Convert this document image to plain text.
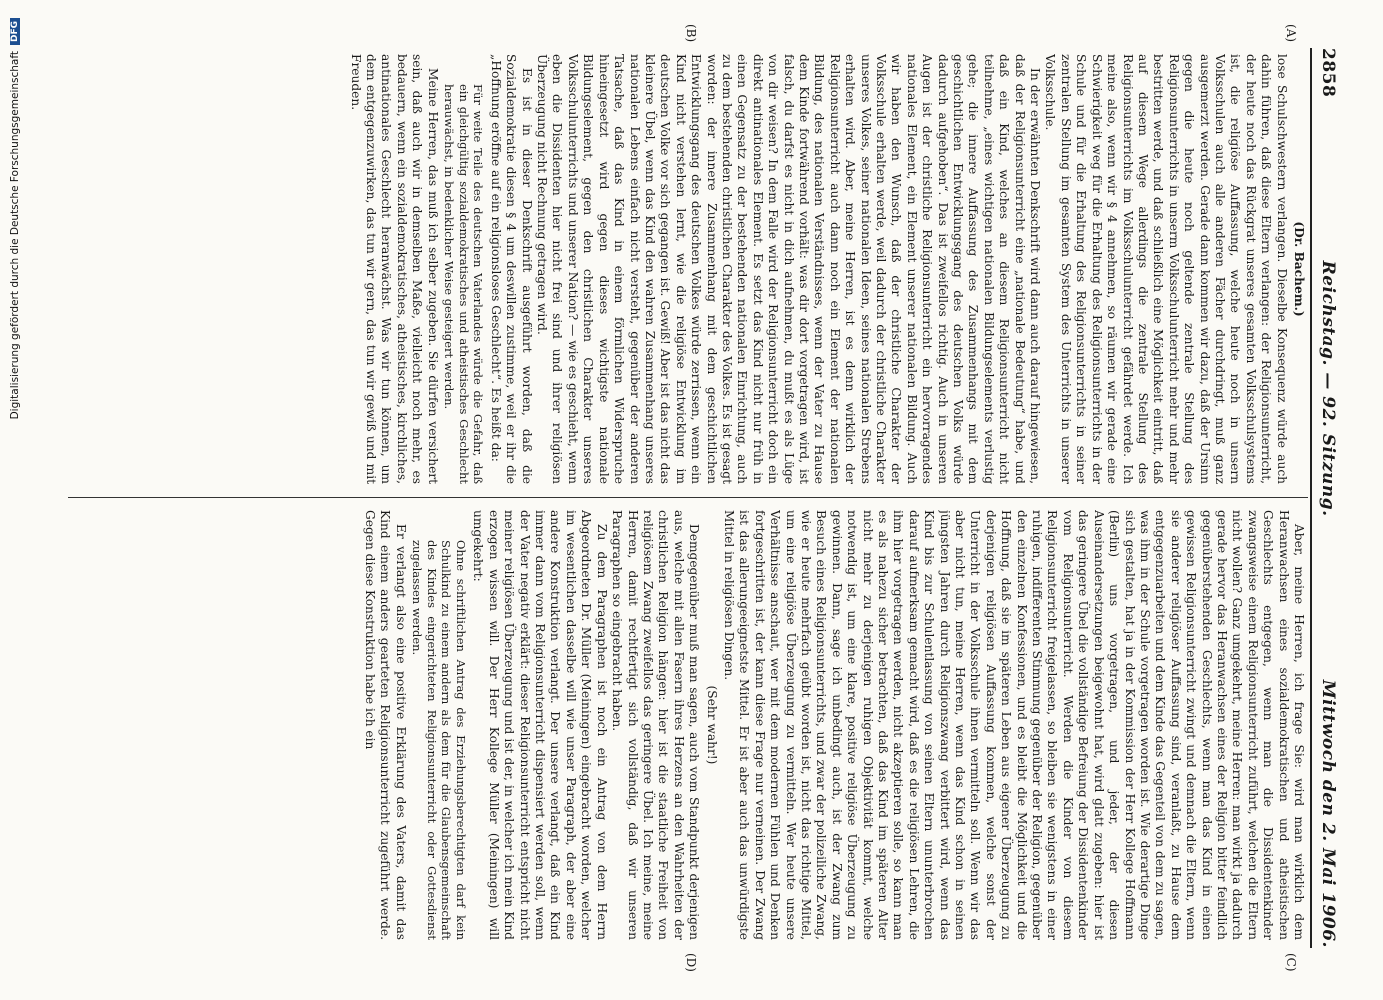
2858
Reichstag. — 92. Sitzung.
Mittwoch den 2. Mai 1906.
(A)
(B)
(C)
(D)

(Dr. Bachem.)

lose Schulschwestern verlangen. Dieselbe Konsequenz würde auch dahin führen, daß diese Eltern verlangen: der Religionsunterricht, der heute noch das Rückgrat unseres gesamten Volksschulsystems ist, die religiöse Auffassung, welche heute noch in unsern Volksschulen auch alle anderen Fächer durchdringt, muß ganz ausgemerzt werden. Gerade dann kommen wir dazu, daß der Ursinn gegen die heute noch geltende zentrale Stellung des Religionsunterrichts in unserm Volksschulunterricht mehr und mehr bestritten werde, und daß schließlich eine Möglichkeit eintritt, daß auf diesem Wege allerdings die zentrale Stellung des Religionsunterrichts im Volksschulunterricht gefährdet werde. Ich meine also, wenn wir § 4 annehmen, so räumen wir gerade eine Schwierigkeit weg für die Erhaltung des Religionsunterrichts in der Schule und für die Erhaltung des Religionsunterrichts in seiner zentralen Stellung im gesamten System des Unterrichts in unserer Volksschule.

In der erwähnten Denkschrift wird dann auch darauf hingewiesen, daß der Religionsunterricht eine „nationale Bedeutung“ habe, und daß ein Kind, welches an diesem Religionsunterricht nicht teilnehme, „eines wichtigen nationalen Bildungselements verlustig gehe; die innere Auffassung des Zusammenhangs mit dem geschichtlichen Entwicklungsgang des deutschen Volks würde dadurch aufgehoben“. Das ist zweifellos richtig. Auch in unseren Augen ist der christliche Religionsunterricht ein hervorragendes nationales Element, ein Element unserer nationalen Bildung. Auch wir haben den Wunsch, daß der christliche Charakter der Volksschule erhalten werde, weil dadurch der christliche Charakter unseres Volkes, seiner nationalen Ideen, seines nationalen Strebens erhalten wird. Aber, meine Herren, ist es denn wirklich der Religionsunterricht auch dann noch ein Element der nationalen Bildung, des nationalen Verständnisses, wenn der Vater zu Hause dem Kinde fortwährend vorhält: was dir dort vorgetragen wird, ist falsch, du darfst es nicht in dich aufnehmen, du mußt es als Lüge von dir weisen? In dem Falle wird der Religionsunterricht doch ein direkt antinationales Element. Es setzt das Kind nicht nur früh in einen Gegensatz zu der bestehenden nationalen Einrichtung, auch zu dem bestehenden christlichen Charakter des Volkes. Es ist gesagt worden: der innere Zusammenhang mit dem geschichtlichen Entwicklungsgang des deutschen Volkes würde zerrissen, wenn ein Kind nicht verstehen lernt, wie die religiöse Entwicklung im deutschen Volke vor sich gegangen ist. Gewiß! Aber ist das nicht das kleinere Übel, wenn das Kind den wahren Zusammenhang unseres nationalen Lebens einfach nicht versteht, gegenüber der anderen Tatsache, daß das Kind in einem förmlichen Widerspruche hineingesetzt wird gegen dieses wichtigste nationale Bildungselement, gegen den christlichen Charakter unseres Volksschulunterrichts und unserer Nation? — wie es geschieht, wenn eben die Dissidenten hier nicht frei sind und ihrer religiösen Überzeugung nicht Rechnung getragen wird.

Es ist in dieser Denkschrift ausgeführt worden, daß die Sozialdemokratie diesen § 4 um deswillen zustimme, weil er ihr die „Hoffnung eröffne auf ein religionsloses Geschlecht“. Es heißt da:

Für weite Teile des deutschen Vaterlandes würde die Gefahr, daß ein gleichgültig sozialdemokratisches und atheistisches Geschlecht herauwächst, in bedenklicher Weise gesteigert werden.

Meine Herren, das muß ich selber zugeben. Sie dürfen versichert sein, daß auch wir in demselben Maße, vielleicht noch mehr, es bedauern, wenn ein sozialdemokratisches, atheistisches, kirchliches, antinationales Geschlecht heranwächst. Was wir tun können, um dem entgegenzuwirken, das tun wir gern, das tun wir gewiß und mit Freuden.

Aber, meine Herren, ich frage Sie: wird man wirklich dem Heranwachsen eines sozialdemokratischen und atheistischen Geschlechts entgegen, wenn man die Dissidentenkinder zwangsweise einem Religionsunterricht zuführt, welchen die Eltern nicht wollen? Ganz umgekehrt, meine Herren: man wirkt ja dadurch gerade hervor das Heranwachsen eines der Religion bitter feindlich gegenüberstehenden Geschlechts, wenn man das Kind in einen gewissen Religionsunterricht zwingt und demnach die Eltern, wenn sie anderer religiöser Auffassung sind, veranlaßt, zu Hause dem entgegenzuarbeiten und dem Kinde das Gegenteil von dem zu sagen, was ihm in der Schule vorgetragen worden ist. Wie derartige Dinge sich gestalten, hat ja in der Kommission der Herr Kollege Hoffmann (Berlin) uns vorgetragen, und jeder, der diesen Auseinandersetzungen beigewohnt hat, wird glatt zugeben: hier ist das geringere Übel die vollständige Befreiung der Dissidentenkinder vom Religionsunterricht. Werden die Kinder von diesem Religionsunterricht freigelassen, so bleiben sie wenigstens in einer ruhigen, indifferenten Stimmung gegenüber der Religion, gegenüber den einzelnen Konfessionen, und es bleibt die Möglichkeit und die Hoffnung, daß sie im späteren Leben aus eigener Überzeugung zu derjenigen religiösen Auffassung kommen, welche sonst der Unterricht in der Volksschule ihnen vermitteln soll. Wenn wir das aber nicht tun, meine Herren, wenn das Kind schon in seinen jüngsten Jahren durch Religionszwang verbittert wird, wenn das Kind bis zur Schulentlassung von seinen Eltern ununterbrochen darauf aufmerksam gemacht wird, daß es die religiösen Lehren, die ihm hier vorgetragen werden, nicht akzeptieren solle, so kann man es als nahezu sicher betrachten, daß das Kind im späteren Alter nicht mehr zu derjenigen ruhigen Objektivität kommt, welche notwendig ist, um eine klare, positive religiöse Überzeugung zu gewinnen. Dann, sage ich unbedingt auch, ist der Zwang zum Besuch eines Religionsunterrichts, und zwar der polizeiliche Zwang, wie er heute mehrfach geübt worden ist, nicht das richtige Mittel, um eine religiöse Überzeugung zu vermitteln. Wer heute unsere Verhältnisse anschaut, wer mit dem modernen Fühlen und Denken fortgeschritten ist, der kann diese Frage nur verneinen. Der Zwang ist das allerungeeignetste Mittel. Er ist aber auch das unwürdigste Mittel in religiösen Dingen.

(Sehr wahr!)

Demgegenüber muß man sagen, auch vom Standpunkt derjenigen aus, welche mit allen Fasern ihres Herzens an den Wahrheiten der christlichen Religion hängen: hier ist die staatliche Freiheit von religiösem Zwang zweifellos das geringere Übel. Ich meine, meine Herren, damit rechtfertigt sich vollständig, daß wir unseren Paragraphen so eingebracht haben.

Zu dem Paragraphen ist noch ein Antrag von dem Herrn Abgeordneten Dr. Müller (Meiningen) eingebracht worden, welcher im wesentlichen dasselbe will wie unser Paragraph, der aber eine andere Konstruktion verlangt. Der unsere verlangt, daß ein Kind immer dann vom Religionsunterricht dispensiert werden soll, wenn der Vater negativ erklärt: dieser Religionsunterricht entspricht nicht meiner religiösen Überzeugung und ist der, in welcher ich mein Kind erzogen wissen will. Der Herr Kollege Müller (Meiningen) will umgekehrt:

Ohne schriftlichen Antrag des Erziehungsberechtigten darf kein Schulkind zu einem andern als dem für die Glaubensgemeinschaft des Kindes eingerichteten Religionsunterricht oder Gottesdienst zugelassen werden.

Er verlangt also eine positive Erklärung des Vaters, damit das Kind einem anders gearteten Religionsunterricht zugeführt werde. Gegen diese Konstruktion habe ich ein

Digitalisierung gefördert durch die Deutsche Forschungsgemeinschaft
DFG
